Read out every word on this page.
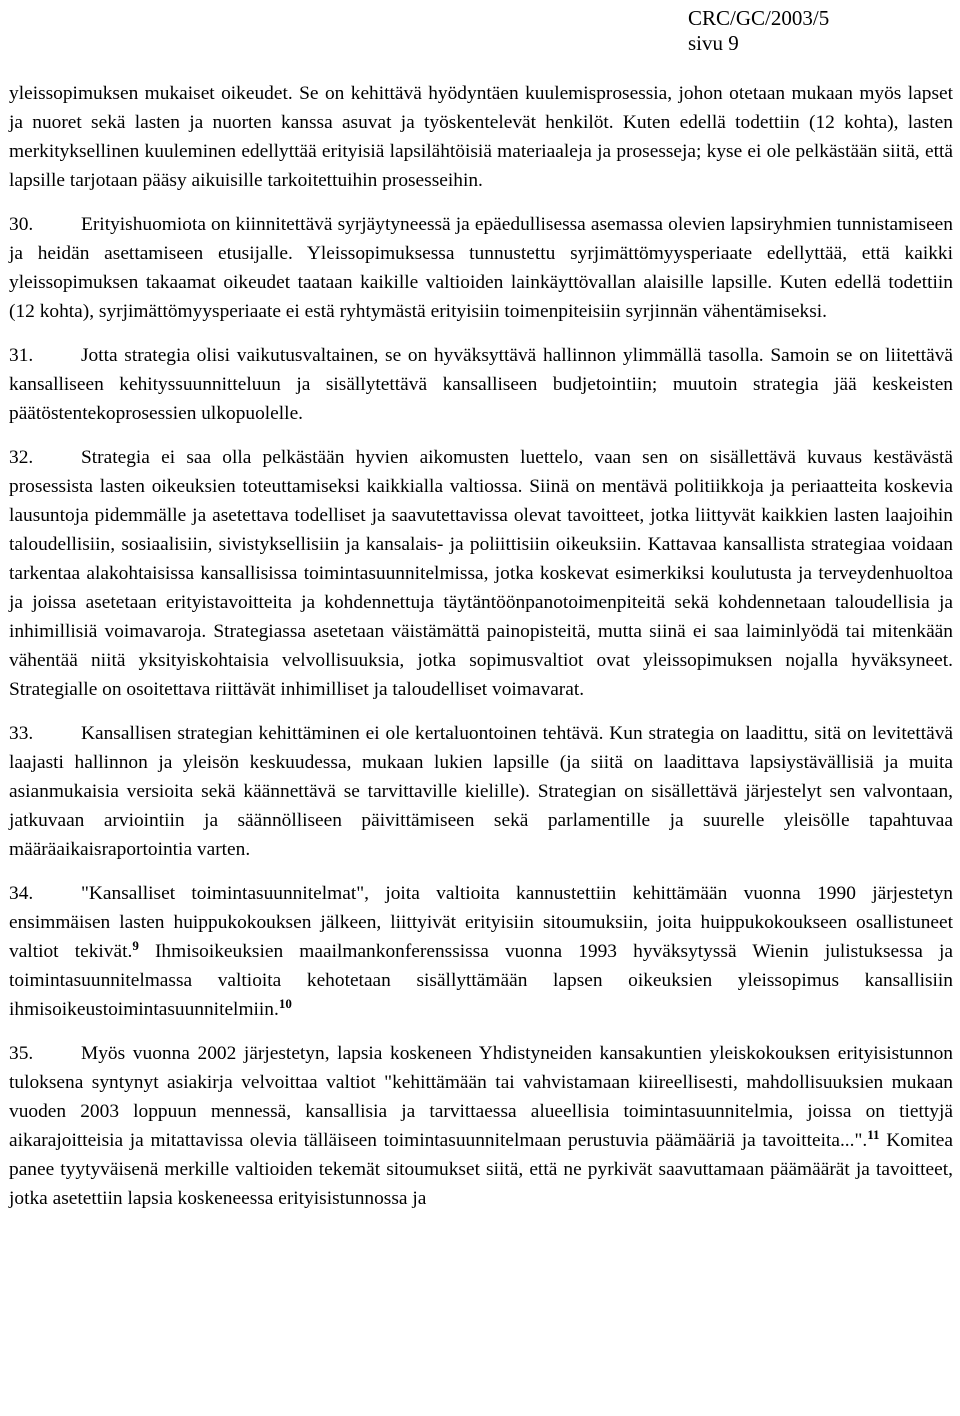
CRC/GC/2003/5
sivu 9

yleissopimuksen mukaiset oikeudet. Se on kehittävä hyödyntäen kuulemisprosessia, johon otetaan mukaan myös lapset ja nuoret sekä lasten ja nuorten kanssa asuvat ja työskentelevät henkilöt. Kuten edellä todettiin (12 kohta), lasten merkityksellinen kuuleminen edellyttää erityisiä lapsilähtöisiä materiaaleja ja prosesseja; kyse ei ole pelkästään siitä, että lapsille tarjotaan pääsy aikuisille tarkoitettuihin prosesseihin.

30. Erityishuomiota on kiinnitettävä syrjäytyneessä ja epäedullisessa asemassa olevien lapsiryhmien tunnistamiseen ja heidän asettamiseen etusijalle. Yleissopimuksessa tunnustettu syrjimättömyysperiaate edellyttää, että kaikki yleissopimuksen takaamat oikeudet taataan kaikille valtioiden lainkäyttövallan alaisille lapsille. Kuten edellä todettiin (12 kohta), syrjimättömyysperiaate ei estä ryhtymästä erityisiin toimenpiteisiin syrjinnän vähentämiseksi.

31. Jotta strategia olisi vaikutusvaltainen, se on hyväksyttävä hallinnon ylimmällä tasolla. Samoin se on liitettävä kansalliseen kehityssuunnitteluun ja sisällytettävä kansalliseen budjetointiin; muutoin strategia jää keskeisten päätöstentekoprosessien ulkopuolelle.

32. Strategia ei saa olla pelkästään hyvien aikomusten luettelo, vaan sen on sisällettävä kuvaus kestävästä prosessista lasten oikeuksien toteuttamiseksi kaikkialla valtiossa. Siinä on mentävä politiikkoja ja periaatteita koskevia lausuntoja pidemmälle ja asetettava todelliset ja saavutettavissa olevat tavoitteet, jotka liittyvät kaikkien lasten laajoihin taloudellisiin, sosiaalisiin, sivistyksellisiin ja kansalais- ja poliittisiin oikeuksiin. Kattavaa kansallista strategiaa voidaan tarkentaa alakohtaisissa kansallisissa toimintasuunnitelmissa, jotka koskevat esimerkiksi koulutusta ja terveydenhuoltoa ja joissa asetetaan erityistavoitteita ja kohdennettuja täytäntöönpanotoimenpiteitä sekä kohdennetaan taloudellisia ja inhimillisiä voimavaroja. Strategiassa asetetaan väistämättä painopisteitä, mutta siinä ei saa laiminlyödä tai mitenkään vähentää niitä yksityiskohtaisia velvollisuuksia, jotka sopimusvaltiot ovat yleissopimuksen nojalla hyväksyneet. Strategialle on osoitettava riittävät inhimilliset ja taloudelliset voimavarat.

33. Kansallisen strategian kehittäminen ei ole kertaluontoinen tehtävä. Kun strategia on laadittu, sitä on levitettävä laajasti hallinnon ja yleisön keskuudessa, mukaan lukien lapsille (ja siitä on laadittava lapsiystävällisiä ja muita asianmukaisia versioita sekä käännettävä se tarvittaville kielille). Strategian on sisällettävä järjestelyt sen valvontaan, jatkuvaan arviointiin ja säännölliseen päivittämiseen sekä parlamentille ja suurelle yleisölle tapahtuvaa määräaikaisraportointia varten.

34. "Kansalliset toimintasuunnitelmat", joita valtioita kannustettiin kehittämään vuonna 1990 järjestetyn ensimmäisen lasten huippukokouksen jälkeen, liittyivät erityisiin sitoumuksiin, joita huippukokoukseen osallistuneet valtiot tekivät.$^9$ Ihmisoikeuksien maailmankonferenssissa vuonna 1993 hyväksytyssä Wienin julistuksessa ja toimintasuunnitelmassa valtioita kehotetaan sisällyttämään lapsen oikeuksien yleissopimus kansallisiin ihmisoikeustoimintasuunnitelmiin.$^{10}$

35. Myös vuonna 2002 järjestetyn, lapsia koskeneen Yhdistyneiden kansakuntien yleiskokouksen erityisistunnon tuloksena syntynyt asiakirja velvoittaa valtiot "kehittämään tai vahvistamaan kiireellisesti, mahdollisuuksien mukaan vuoden 2003 loppuun mennessä, kansallisia ja tarvittaessa alueellisia toimintasuunnitelmia, joissa on tiettyjä aikarajoitteisia ja mitattavissa olevia tälläiseen toimintasuunnitelmaan perustuvia päämääriä ja tavoitteita...".$^{11}$ Komitea panee tyytyväisenä merkille valtioiden tekemät sitoumukset siitä, että ne pyrkivät saavuttamaan päämäärät ja tavoitteet, jotka asetettiin lapsia koskeneessa erityisistunnossa ja
